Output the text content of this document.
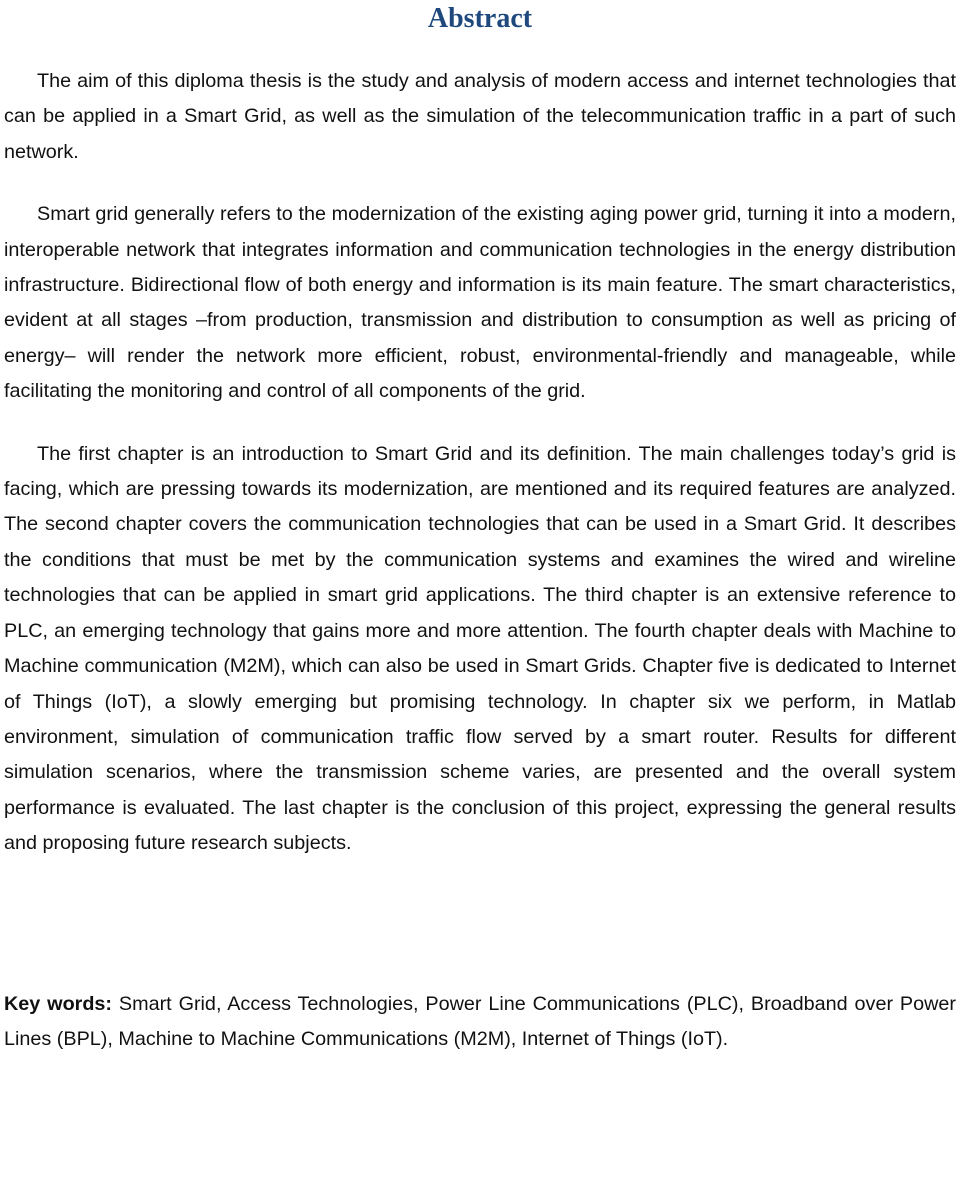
Abstract

The aim of this diploma thesis is the study and analysis of modern access and internet technologies that can be applied in a Smart Grid, as well as the simulation of the telecommunication traffic in a part of such network.

Smart grid generally refers to the modernization of the existing aging power grid, turning it into a modern, interoperable network that integrates information and communication technologies in the energy distribution infrastructure. Bidirectional flow of both energy and information is its main feature. The smart characteristics, evident at all stages –from production, transmission and distribution to consumption as well as pricing of energy– will render the network more efficient, robust, environmental-friendly and manageable, while facilitating the monitoring and control of all components of the grid.

The first chapter is an introduction to Smart Grid and its definition. The main challenges today’s grid is facing, which are pressing towards its modernization, are mentioned and its required features are analyzed. The second chapter covers the communication technologies that can be used in a Smart Grid. It describes the conditions that must be met by the communication systems and examines the wired and wireline technologies that can be applied in smart grid applications. The third chapter is an extensive reference to PLC, an emerging technology that gains more and more attention. The fourth chapter deals with Machine to Machine communication (M2M), which can also be used in Smart Grids. Chapter five is dedicated to Internet of Things (IoT), a slowly emerging but promising technology. In chapter six we perform, in Matlab environment, simulation of communication traffic flow served by a smart router. Results for different simulation scenarios, where the transmission scheme varies, are presented and the overall system performance is evaluated. The last chapter is the conclusion of this project, expressing the general results and proposing future research subjects.

Key words: Smart Grid, Access Technologies, Power Line Communications (PLC), Broadband over Power Lines (BPL), Machine to Machine Communications (M2M), Internet of Things (IoT).
